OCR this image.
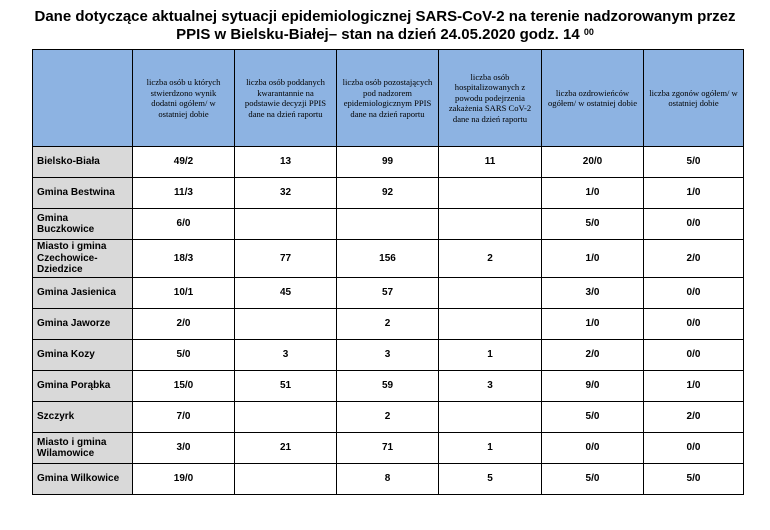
Dane dotyczące aktualnej sytuacji epidemiologicznej SARS-CoV-2 na terenie nadzorowanym przez
PPIS w Bielsku-Białej– stan na dzień 24.05.2020 godz. 14 $^{00}$
	liczba osób u których stwierdzono wynik dodatni ogółem/ w ostatniej dobie	liczba osób poddanych kwarantannie na podstawie decyzji PPIS dane na dzień raportu	liczba osób pozostających pod nadzorem epidemiologicznym PPIS dane na dzień raportu	liczba osób hospitalizowanych z powodu podejrzenia zakażenia SARS CoV-2 dane na dzień raportu	liczba ozdrowieńców ogółem/ w ostatniej dobie	liczba zgonów ogółem/ w ostatniej dobie
Bielsko-Biała	49/2	13	99	11	20/0	5/0
Gmina Bestwina	11/3	32	92		1/0	1/0
Gmina Buczkowice	6/0				5/0	0/0
Miasto i gmina Czechowice-Dziedzice	18/3	77	156	2	1/0	2/0
Gmina Jasienica	10/1	45	57		3/0	0/0
Gmina Jaworze	2/0		2		1/0	0/0
Gmina Kozy	5/0	3	3	1	2/0	0/0
Gmina Porąbka	15/0	51	59	3	9/0	1/0
Szczyrk	7/0		2		5/0	2/0
Miasto i gmina Wilamowice	3/0	21	71	1	0/0	0/0
Gmina Wilkowice	19/0		8	5	5/0	5/0
